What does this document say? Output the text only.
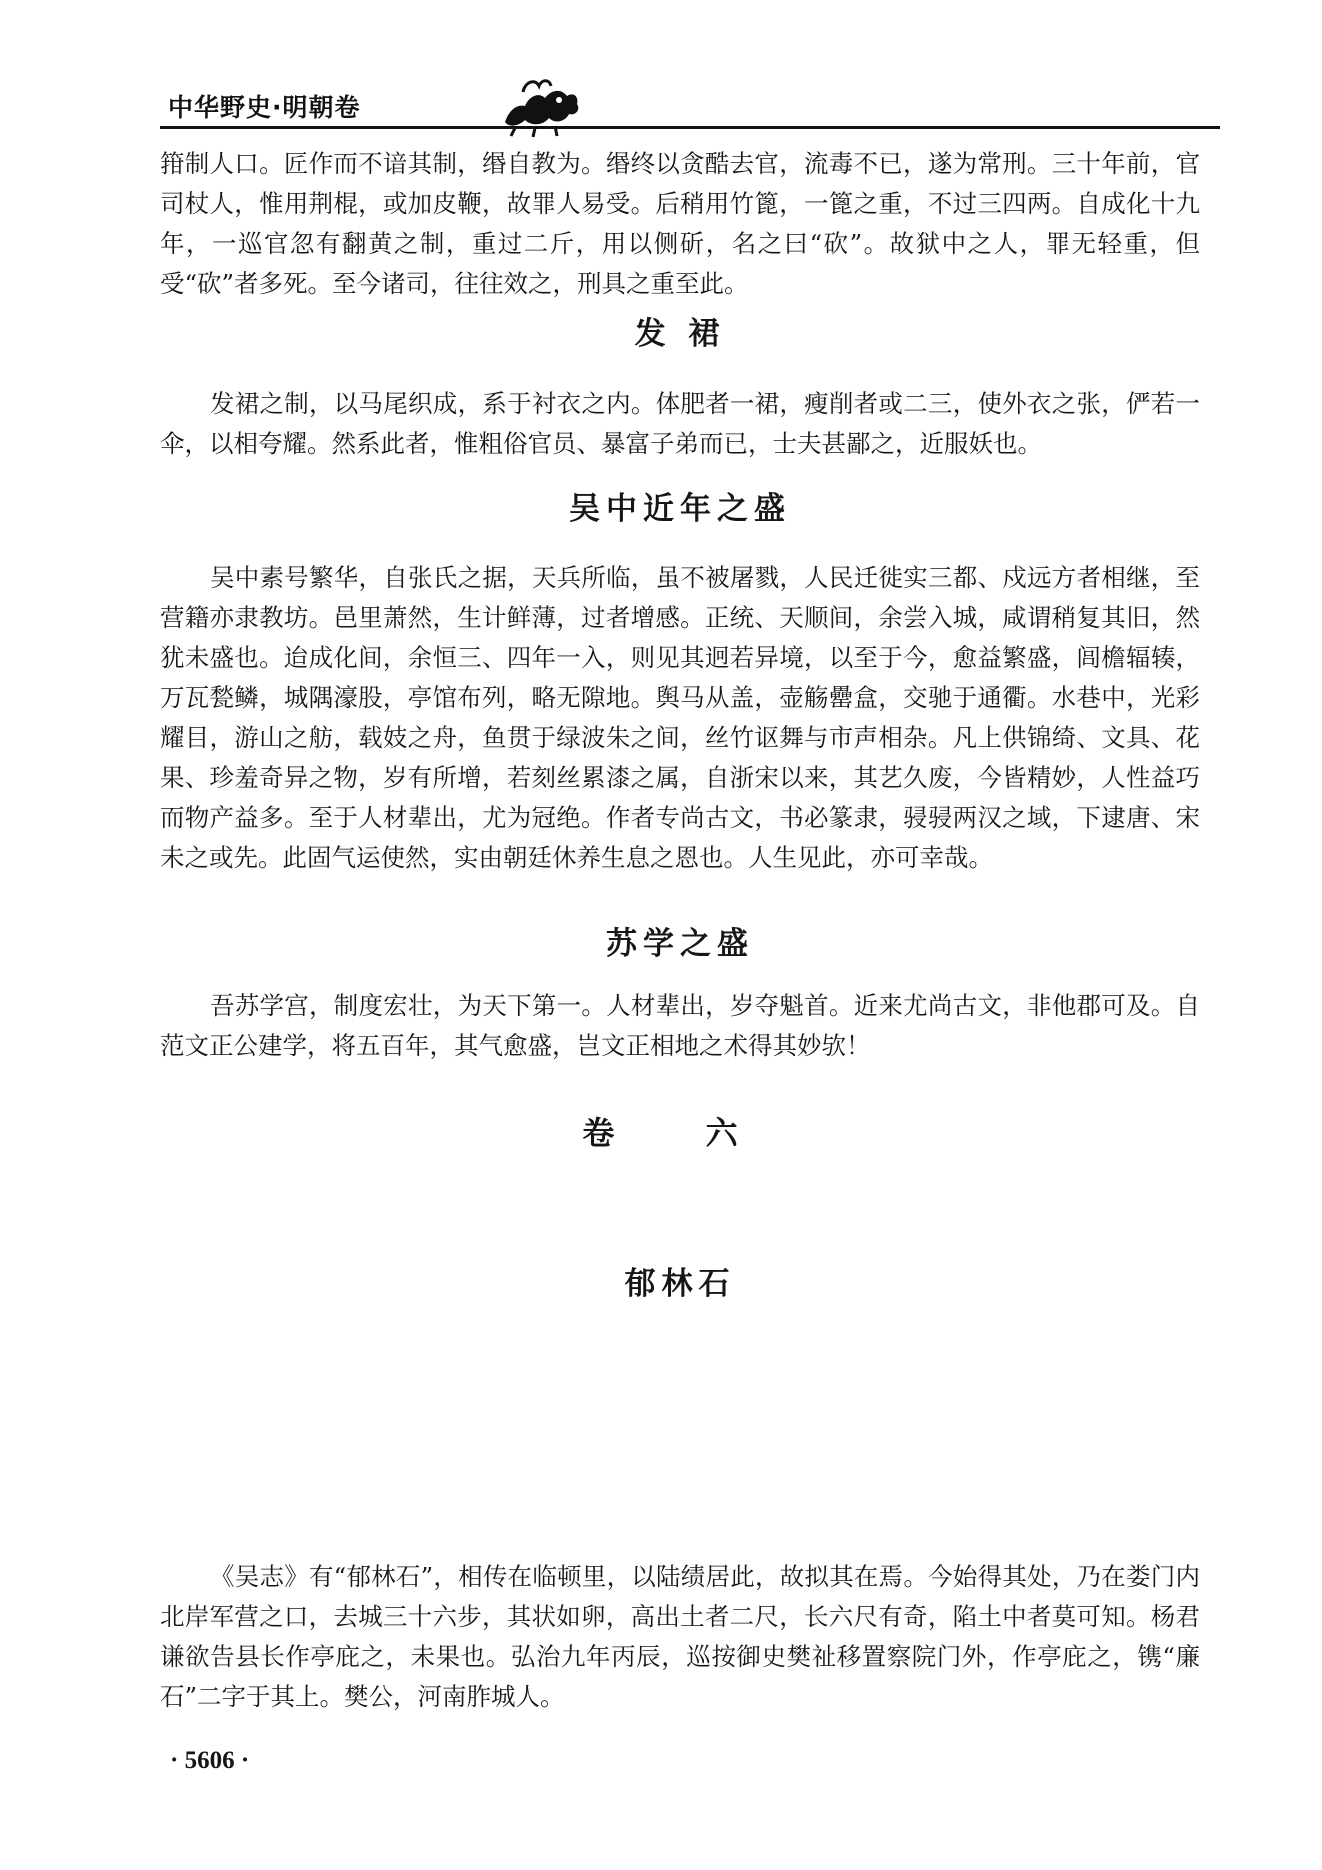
中华野史·明朝卷

箝制人口。匠作而不谙其制，缗自教为。缗终以贪酷去官，流毒不已，遂为常刑。三十年前，官司杖人，惟用荆棍，或加皮鞭，故罪人易受。后稍用竹篦，一篦之重，不过三四两。自成化十九年，一巡官忽有翻黄之制，重过二斤，用以侧斫，名之曰“砍”。故狱中之人，罪无轻重，但受“砍”者多死。至今诸司，往往效之，刑具之重至此。

发 裙

发裙之制，以马尾织成，系于衬衣之内。体肥者一裙，瘦削者或二三，使外衣之张，俨若一伞，以相夸耀。然系此者，惟粗俗官员、暴富子弟而已，士夫甚鄙之，近服妖也。

吴中近年之盛

吴中素号繁华，自张氏之据，天兵所临，虽不被屠戮，人民迁徙实三都、戍远方者相继，至营籍亦隶教坊。邑里萧然，生计鲜薄，过者增感。正统、天顺间，余尝入城，咸谓稍复其旧，然犹未盛也。迨成化间，余恒三、四年一入，则见其迥若异境，以至于今，愈益繁盛，闾檐辐辏，万瓦甃鳞，城隅濠股，亭馆布列，略无隙地。舆马从盖，壶觞罍盒，交驰于通衢。水巷中，光彩耀目，游山之舫，载妓之舟，鱼贯于绿波朱之间，丝竹讴舞与市声相杂。凡上供锦绮、文具、花果、珍羞奇异之物，岁有所增，若刻丝累漆之属，自浙宋以来，其艺久废，今皆精妙，人性益巧而物产益多。至于人材辈出，尤为冠绝。作者专尚古文，书必篆隶，骎骎两汉之域，下逮唐、宋未之或先。此固气运使然，实由朝廷休养生息之恩也。人生见此，亦可幸哉。

苏学之盛

吾苏学宫，制度宏壮，为天下第一。人材辈出，岁夺魁首。近来尤尚古文，非他郡可及。自范文正公建学，将五百年，其气愈盛，岂文正相地之术得其妙欤！

卷 六
郁林石

《吴志》有“郁林石”，相传在临顿里，以陆绩居此，故拟其在焉。今始得其处，乃在娄门内北岸军营之口，去城三十六步，其状如卵，高出土者二尺，长六尺有奇，陷土中者莫可知。杨君谦欲告县长作亭庇之，未果也。弘治九年丙辰，巡按御史樊祉移置察院门外，作亭庇之，镌“廉石”二字于其上。樊公，河南胙城人。

· 5606 ·
